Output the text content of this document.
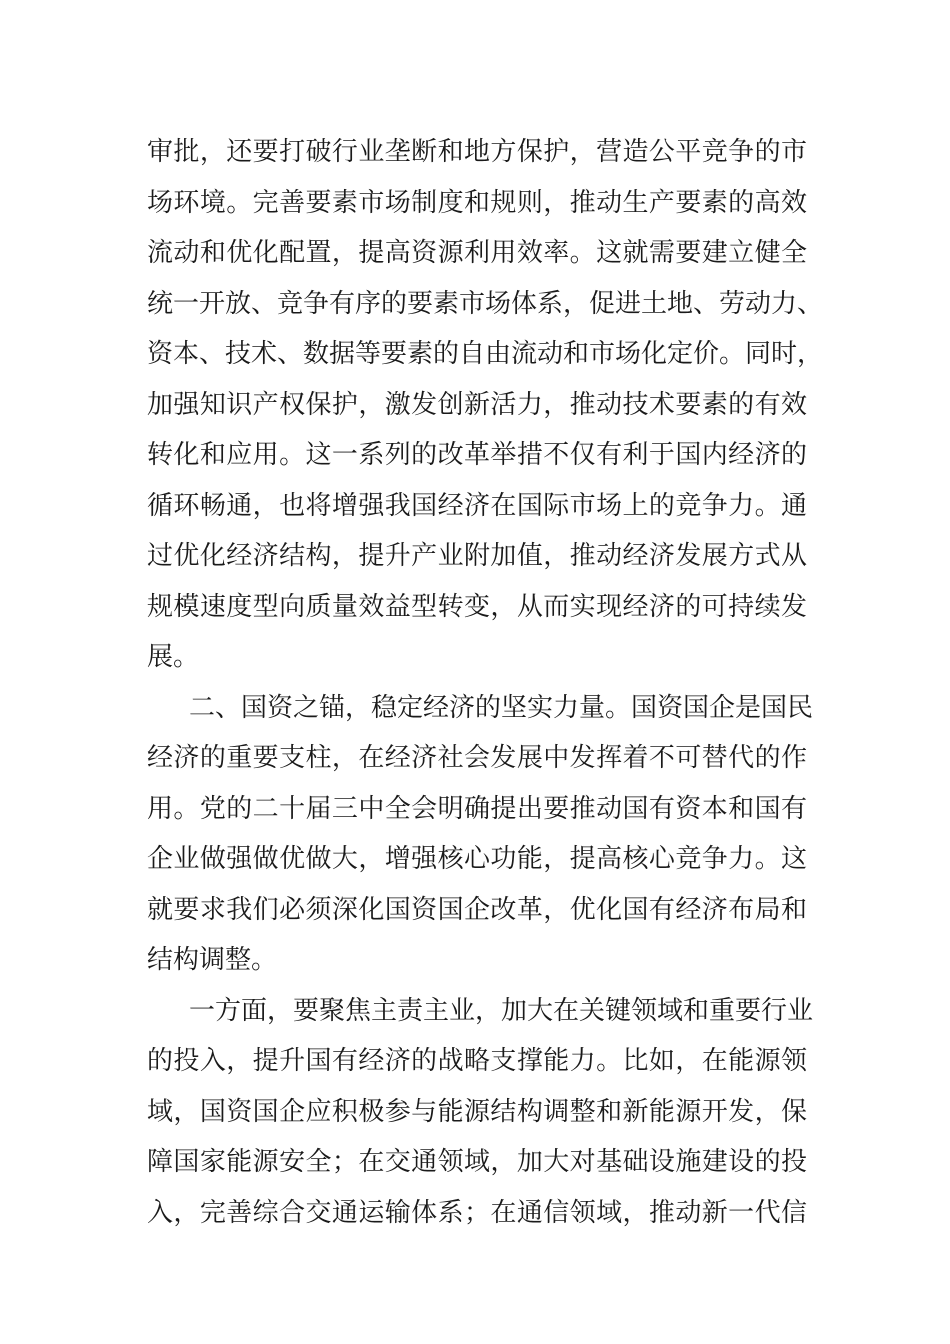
审批，还要打破行业垄断和地方保护，营造公平竞争的市
场环境。完善要素市场制度和规则，推动生产要素的高效
流动和优化配置，提高资源利用效率。这就需要建立健全
统一开放、竞争有序的要素市场体系，促进土地、劳动力、
资本、技术、数据等要素的自由流动和市场化定价。同时，
加强知识产权保护，激发创新活力，推动技术要素的有效
转化和应用。这一系列的改革举措不仅有利于国内经济的
循环畅通，也将增强我国经济在国际市场上的竞争力。通
过优化经济结构，提升产业附加值，推动经济发展方式从
规模速度型向质量效益型转变，从而实现经济的可持续发
展。
二、国资之锚，稳定经济的坚实力量。国资国企是国民
经济的重要支柱，在经济社会发展中发挥着不可替代的作
用。党的二十届三中全会明确提出要推动国有资本和国有
企业做强做优做大，增强核心功能，提高核心竞争力。这
就要求我们必须深化国资国企改革，优化国有经济布局和
结构调整。
一方面，要聚焦主责主业，加大在关键领域和重要行业
的投入，提升国有经济的战略支撑能力。比如，在能源领
域，国资国企应积极参与能源结构调整和新能源开发，保
障国家能源安全；在交通领域，加大对基础设施建设的投
入，完善综合交通运输体系；在通信领域，推动新一代信
